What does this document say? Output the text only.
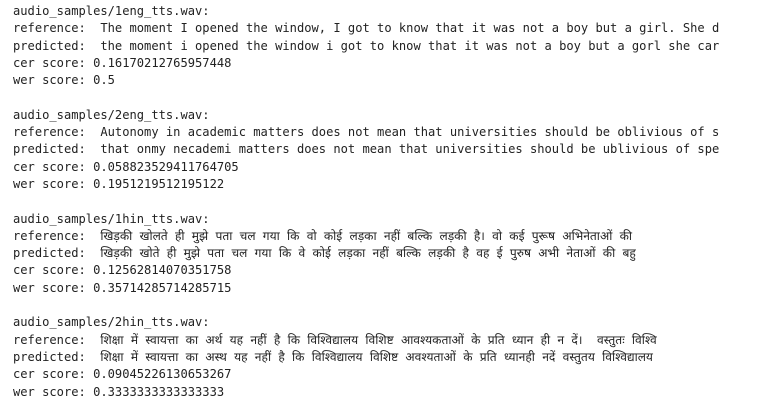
audio_samples/1eng_tts.wav:
reference:  The moment I opened the window, I got to know that it was not a boy but a girl. She d
predicted:  the moment i opened the window i got to know that it was not a boy but a gorl she car
cer score: 0.16170212765957448
wer score: 0.5
audio_samples/2eng_tts.wav:
reference:  Autonomy in academic matters does not mean that universities should be oblivious of s
predicted:  that onmy necademi matters does not mean that universities should be ublivious of spe
cer score: 0.058823529411764705
wer score: 0.1951219512195122
audio_samples/1hin_tts.wav:
reference:  खिड़की खोलते ही मुझे पता चल गया कि वो कोई लड़का नहीं बल्कि लड़की है। वो कई पुरूष अभिनेताओं की
predicted:  खिड़की खोते ही मुझे पता चल गया कि वे कोई लड़का नहीं बल्कि लड़की है वह ई पुरुष अभी नेताओं की बहु
cer score: 0.12562814070351758
wer score: 0.35714285714285715
audio_samples/2hin_tts.wav:
reference:  शिक्षा में स्वायत्ता का अर्थ यह नहीं है कि विश्विद्यालय विशिष्ट आवश्यकताओं के प्रति ध्यान ही न दें।  वस्तुतः विश्वि
predicted:  शिक्षा में स्वायत्ता का अस्थ यह नहीं है कि विश्विद्यालय विशिष्ट अवश्यताओं के प्रति ध्यानही नदें वस्तुतय विश्विद्यालय
cer score: 0.09045226130653267
wer score: 0.3333333333333333
